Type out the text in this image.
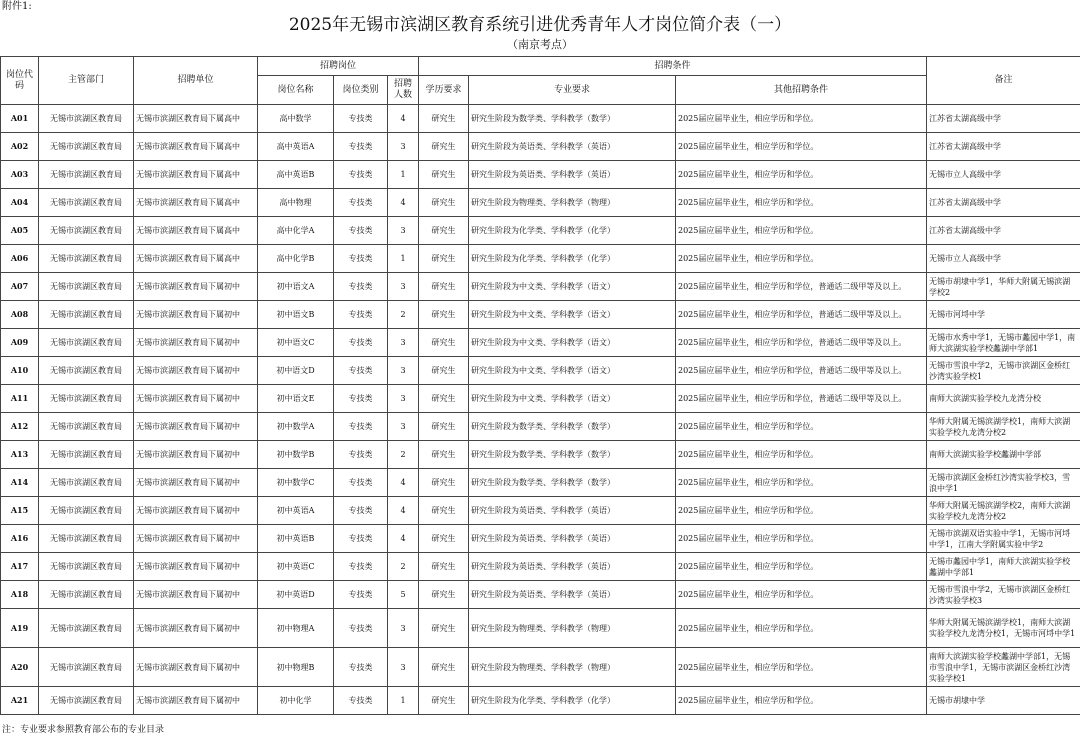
附件1:
2025年无锡市滨湖区教育系统引进优秀青年人才岗位简介表（一）
（南京考点）
岗位代码	主管部门	招聘单位	招聘岗位			招聘条件			备注
			岗位名称	岗位类别	招聘人数	学历要求	专业要求	其他招聘条件	
A01	无锡市滨湖区教育局	无锡市滨湖区教育局下属高中	高中数学	专技类	4	研究生	研究生阶段为数学类、学科教学（数学）	2025届应届毕业生，相应学历和学位。	江苏省太湖高级中学
A02	无锡市滨湖区教育局	无锡市滨湖区教育局下属高中	高中英语A	专技类	3	研究生	研究生阶段为英语类、学科教学（英语）	2025届应届毕业生，相应学历和学位。	江苏省太湖高级中学
A03	无锡市滨湖区教育局	无锡市滨湖区教育局下属高中	高中英语B	专技类	1	研究生	研究生阶段为英语类、学科教学（英语）	2025届应届毕业生，相应学历和学位。	无锡市立人高级中学
A04	无锡市滨湖区教育局	无锡市滨湖区教育局下属高中	高中物理	专技类	4	研究生	研究生阶段为物理类、学科教学（物理）	2025届应届毕业生，相应学历和学位。	江苏省太湖高级中学
A05	无锡市滨湖区教育局	无锡市滨湖区教育局下属高中	高中化学A	专技类	3	研究生	研究生阶段为化学类、学科教学（化学）	2025届应届毕业生，相应学历和学位。	江苏省太湖高级中学
A06	无锡市滨湖区教育局	无锡市滨湖区教育局下属高中	高中化学B	专技类	1	研究生	研究生阶段为化学类、学科教学（化学）	2025届应届毕业生，相应学历和学位。	无锡市立人高级中学
A07	无锡市滨湖区教育局	无锡市滨湖区教育局下属初中	初中语文A	专技类	3	研究生	研究生阶段为中文类、学科教学（语文）	2025届应届毕业生，相应学历和学位，普通话二级甲等及以上。	无锡市胡埭中学1，华师大附属无锡滨湖学校2
A08	无锡市滨湖区教育局	无锡市滨湖区教育局下属初中	初中语文B	专技类	2	研究生	研究生阶段为中文类、学科教学（语文）	2025届应届毕业生，相应学历和学位，普通话二级甲等及以上。	无锡市河埒中学
A09	无锡市滨湖区教育局	无锡市滨湖区教育局下属初中	初中语文C	专技类	3	研究生	研究生阶段为中文类、学科教学（语文）	2025届应届毕业生，相应学历和学位，普通话二级甲等及以上。	无锡市水秀中学1，无锡市蠡园中学1，南师大滨湖实验学校蠡湖中学部1
A10	无锡市滨湖区教育局	无锡市滨湖区教育局下属初中	初中语文D	专技类	3	研究生	研究生阶段为中文类、学科教学（语文）	2025届应届毕业生，相应学历和学位，普通话二级甲等及以上。	无锡市雪浪中学2，无锡市滨湖区金桥红沙湾实验学校1
A11	无锡市滨湖区教育局	无锡市滨湖区教育局下属初中	初中语文E	专技类	3	研究生	研究生阶段为中文类、学科教学（语文）	2025届应届毕业生，相应学历和学位，普通话二级甲等及以上。	南师大滨湖实验学校九龙湾分校
A12	无锡市滨湖区教育局	无锡市滨湖区教育局下属初中	初中数学A	专技类	3	研究生	研究生阶段为数学类、学科教学（数学）	2025届应届毕业生，相应学历和学位。	华师大附属无锡滨湖学校1，南师大滨湖实验学校九龙湾分校2
A13	无锡市滨湖区教育局	无锡市滨湖区教育局下属初中	初中数学B	专技类	2	研究生	研究生阶段为数学类、学科教学（数学）	2025届应届毕业生，相应学历和学位。	南师大滨湖实验学校蠡湖中学部
A14	无锡市滨湖区教育局	无锡市滨湖区教育局下属初中	初中数学C	专技类	4	研究生	研究生阶段为数学类、学科教学（数学）	2025届应届毕业生，相应学历和学位。	无锡市滨湖区金桥红沙湾实验学校3，雪浪中学1
A15	无锡市滨湖区教育局	无锡市滨湖区教育局下属初中	初中英语A	专技类	4	研究生	研究生阶段为英语类、学科教学（英语）	2025届应届毕业生，相应学历和学位。	华师大附属无锡滨湖学校2，南师大滨湖实验学校九龙湾分校2
A16	无锡市滨湖区教育局	无锡市滨湖区教育局下属初中	初中英语B	专技类	4	研究生	研究生阶段为英语类、学科教学（英语）	2025届应届毕业生，相应学历和学位。	无锡市滨湖双语实验中学1，无锡市河埒中学1，江南大学附属实验中学2
A17	无锡市滨湖区教育局	无锡市滨湖区教育局下属初中	初中英语C	专技类	2	研究生	研究生阶段为英语类、学科教学（英语）	2025届应届毕业生，相应学历和学位。	无锡市蠡园中学1，南师大滨湖实验学校蠡湖中学部1
A18	无锡市滨湖区教育局	无锡市滨湖区教育局下属初中	初中英语D	专技类	5	研究生	研究生阶段为英语类、学科教学（英语）	2025届应届毕业生，相应学历和学位。	无锡市雪浪中学2，无锡市滨湖区金桥红沙湾实验学校3
A19	无锡市滨湖区教育局	无锡市滨湖区教育局下属初中	初中物理A	专技类	3	研究生	研究生阶段为物理类、学科教学（物理）	2025届应届毕业生，相应学历和学位。	华师大附属无锡滨湖学校1，南师大滨湖实验学校九龙湾分校1，无锡市河埒中学1
A20	无锡市滨湖区教育局	无锡市滨湖区教育局下属初中	初中物理B	专技类	3	研究生	研究生阶段为物理类、学科教学（物理）	2025届应届毕业生，相应学历和学位。	南师大滨湖实验学校蠡湖中学部1，无锡市雪浪中学1，无锡市滨湖区金桥红沙湾实验学校1
A21	无锡市滨湖区教育局	无锡市滨湖区教育局下属初中	初中化学	专技类	1	研究生	研究生阶段为化学类、学科教学（化学）	2025届应届毕业生，相应学历和学位。	无锡市胡埭中学
注：专业要求参照教育部公布的专业目录
